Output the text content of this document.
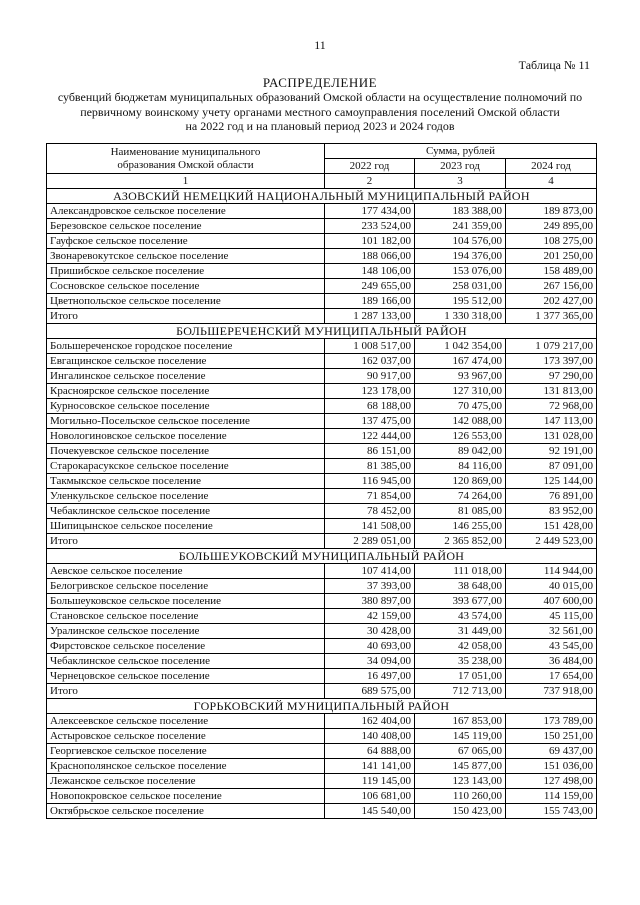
11
Таблица № 11
РАСПРЕДЕЛЕНИЕ
субвенций бюджетам муниципальных образований Омской области на осуществление полномочий по
первичному воинскому учету органами местного самоуправления поселений Омской области
на 2022 год и на плановый период 2023 и 2024 годов
Наименование муниципального
образования Омской области	Сумма, рублей		
	2022 год	2023 год	2024 год
1	2	3	4
АЗОВСКИЙ НЕМЕЦКИЙ НАЦИОНАЛЬНЫЙ МУНИЦИПАЛЬНЫЙ РАЙОН			
Александровское сельское поселение	177 434,00	183 388,00	189 873,00
Березовское сельское поселение	233 524,00	241 359,00	249 895,00
Гауфское сельское поселение	101 182,00	104 576,00	108 275,00
Звонаревокутское сельское поселение	188 066,00	194 376,00	201 250,00
Пришибское сельское поселение	148 106,00	153 076,00	158 489,00
Сосновское сельское поселение	249 655,00	258 031,00	267 156,00
Цветнопольское сельское поселение	189 166,00	195 512,00	202 427,00
Итого	1 287 133,00	1 330 318,00	1 377 365,00
БОЛЬШЕРЕЧЕНСКИЙ МУНИЦИПАЛЬНЫЙ РАЙОН			
Большереченское городское поселение	1 008 517,00	1 042 354,00	1 079 217,00
Евгащинское сельское поселение	162 037,00	167 474,00	173 397,00
Ингалинское сельское поселение	90 917,00	93 967,00	97 290,00
Красноярское сельское поселение	123 178,00	127 310,00	131 813,00
Курносовское сельское поселение	68 188,00	70 475,00	72 968,00
Могильно-Посельское сельское поселение	137 475,00	142 088,00	147 113,00
Новологиновское сельское поселение	122 444,00	126 553,00	131 028,00
Почекуевское сельское поселение	86 151,00	89 042,00	92 191,00
Старокарасукское сельское поселение	81 385,00	84 116,00	87 091,00
Такмыкское сельское поселение	116 945,00	120 869,00	125 144,00
Уленкульское сельское поселение	71 854,00	74 264,00	76 891,00
Чебаклинское сельское поселение	78 452,00	81 085,00	83 952,00
Шипицынское сельское поселение	141 508,00	146 255,00	151 428,00
Итого	2 289 051,00	2 365 852,00	2 449 523,00
БОЛЬШЕУКОВСКИЙ МУНИЦИПАЛЬНЫЙ РАЙОН			
Аевское сельское поселение	107 414,00	111 018,00	114 944,00
Белогривское сельское поселение	37 393,00	38 648,00	40 015,00
Большеуковское сельское поселение	380 897,00	393 677,00	407 600,00
Становское сельское поселение	42 159,00	43 574,00	45 115,00
Уралинское сельское поселение	30 428,00	31 449,00	32 561,00
Фирстовское сельское поселение	40 693,00	42 058,00	43 545,00
Чебаклинское сельское поселение	34 094,00	35 238,00	36 484,00
Чернецовское сельское поселение	16 497,00	17 051,00	17 654,00
Итого	689 575,00	712 713,00	737 918,00
ГОРЬКОВСКИЙ МУНИЦИПАЛЬНЫЙ РАЙОН			
Алексеевское сельское поселение	162 404,00	167 853,00	173 789,00
Астыровское сельское поселение	140 408,00	145 119,00	150 251,00
Георгиевское сельское поселение	64 888,00	67 065,00	69 437,00
Краснополянское сельское поселение	141 141,00	145 877,00	151 036,00
Лежанское сельское поселение	119 145,00	123 143,00	127 498,00
Новопокровское сельское поселение	106 681,00	110 260,00	114 159,00
Октябрьское сельское поселение	145 540,00	150 423,00	155 743,00
